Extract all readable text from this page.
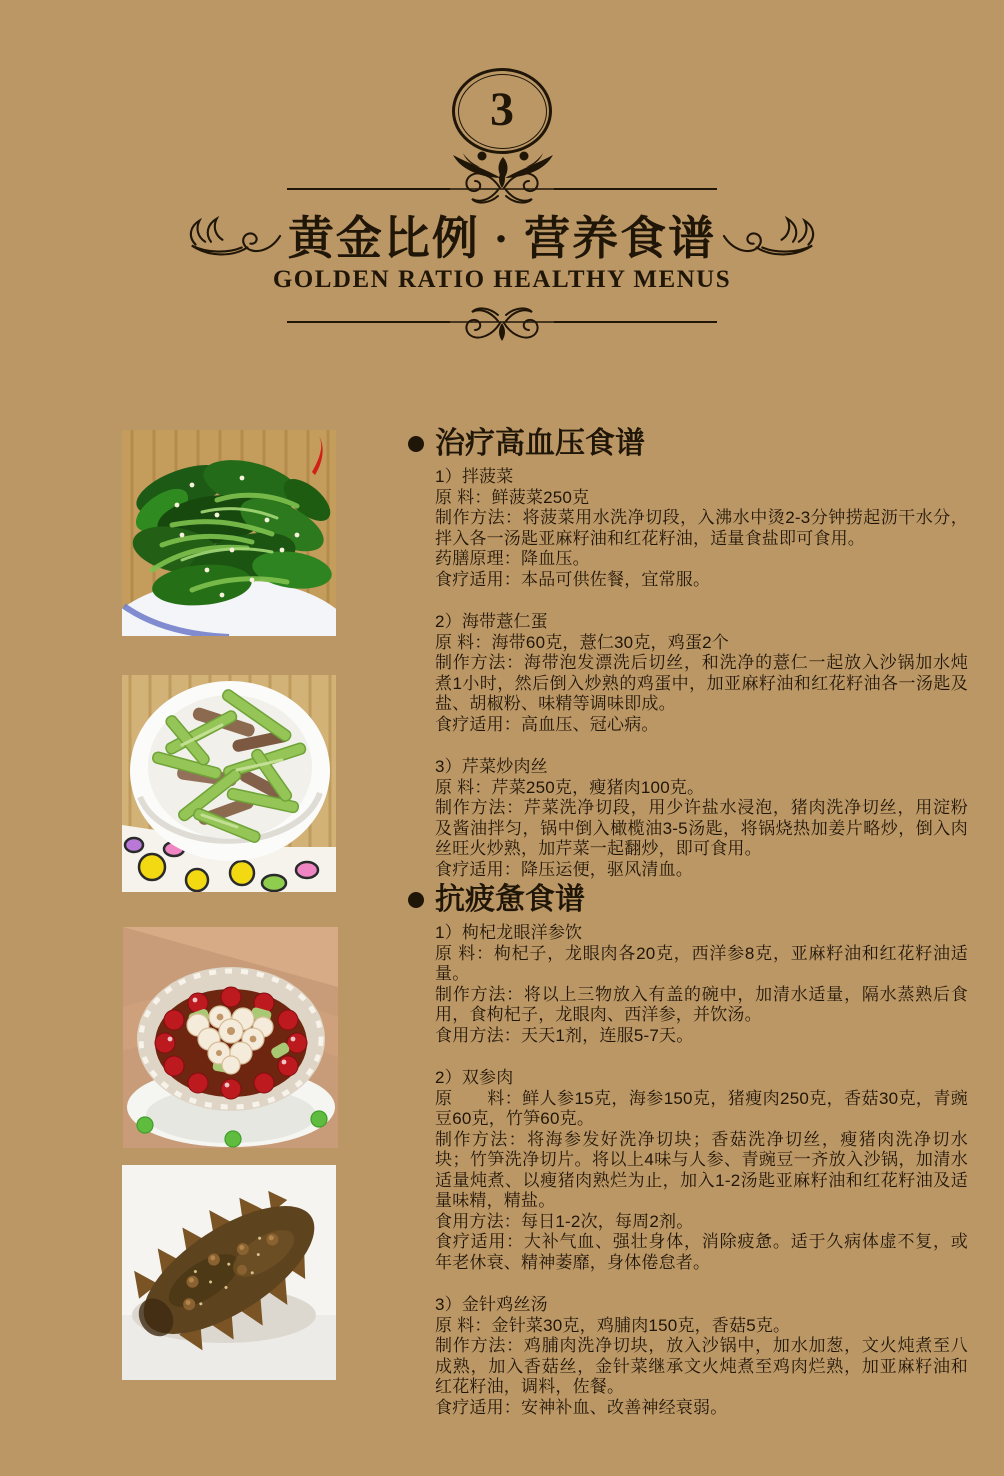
3
黄金比例 · 营养食谱
GOLDEN RATIO HEALTHY MENUS
治疗高血压食谱
1）拌菠菜

原 料：鲜菠菜250克

制作方法：将菠菜用水洗净切段，入沸水中烫2-3分钟捞起沥干水分，拌入各一汤匙亚麻籽油和红花籽油，适量食盐即可食用。

药膳原理：降血压。

食疗适用：本品可供佐餐，宜常服。

2）海带薏仁蛋

原 料：海带60克，薏仁30克，鸡蛋2个

制作方法：海带泡发漂洗后切丝，和洗净的薏仁一起放入沙锅加水炖煮1小时，然后倒入炒熟的鸡蛋中，加亚麻籽油和红花籽油各一汤匙及盐、胡椒粉、味精等调味即成。

食疗适用：高血压、冠心病。

3）芹菜炒肉丝

原 料：芹菜250克，瘦猪肉100克。

制作方法：芹菜洗净切段，用少许盐水浸泡，猪肉洗净切丝，用淀粉及酱油拌匀，锅中倒入橄榄油3-5汤匙，将锅烧热加姜片略炒，倒入肉丝旺火炒熟，加芹菜一起翻炒，即可食用。

食疗适用：降压运便，驱风清血。

抗疲惫食谱
1）枸杞龙眼洋参饮

原 料：枸杞子，龙眼肉各20克，西洋参8克，亚麻籽油和红花籽油适量。

制作方法：将以上三物放入有盖的碗中，加清水适量，隔水蒸熟后食用，食枸杞子，龙眼肉、西洋参，并饮汤。

食用方法：天天1剂，连服5-7天。

2）双参肉

原　　料：鲜人参15克，海参150克，猪瘦肉250克，香菇30克，青豌豆60克，竹笋60克。

制作方法：将海参发好洗净切块；香菇洗净切丝，瘦猪肉洗净切水块；竹笋洗净切片。将以上4味与人参、青豌豆一齐放入沙锅，加清水适量炖煮、以瘦猪肉熟烂为止，加入1-2汤匙亚麻籽油和红花籽油及适量味精，精盐。

食用方法：每日1-2次，每周2剂。

食疗适用：大补气血、强壮身体，消除疲惫。适于久病体虚不复，或年老休衰、精神萎靡，身体倦怠者。

3）金针鸡丝汤

原 料：金针菜30克，鸡脯肉150克，香菇5克。

制作方法：鸡脯肉洗净切块，放入沙锅中，加水加葱，文火炖煮至八成熟，加入香菇丝，金针菜继承文火炖煮至鸡肉烂熟，加亚麻籽油和红花籽油，调料，佐餐。

食疗适用：安神补血、改善神经衰弱。
